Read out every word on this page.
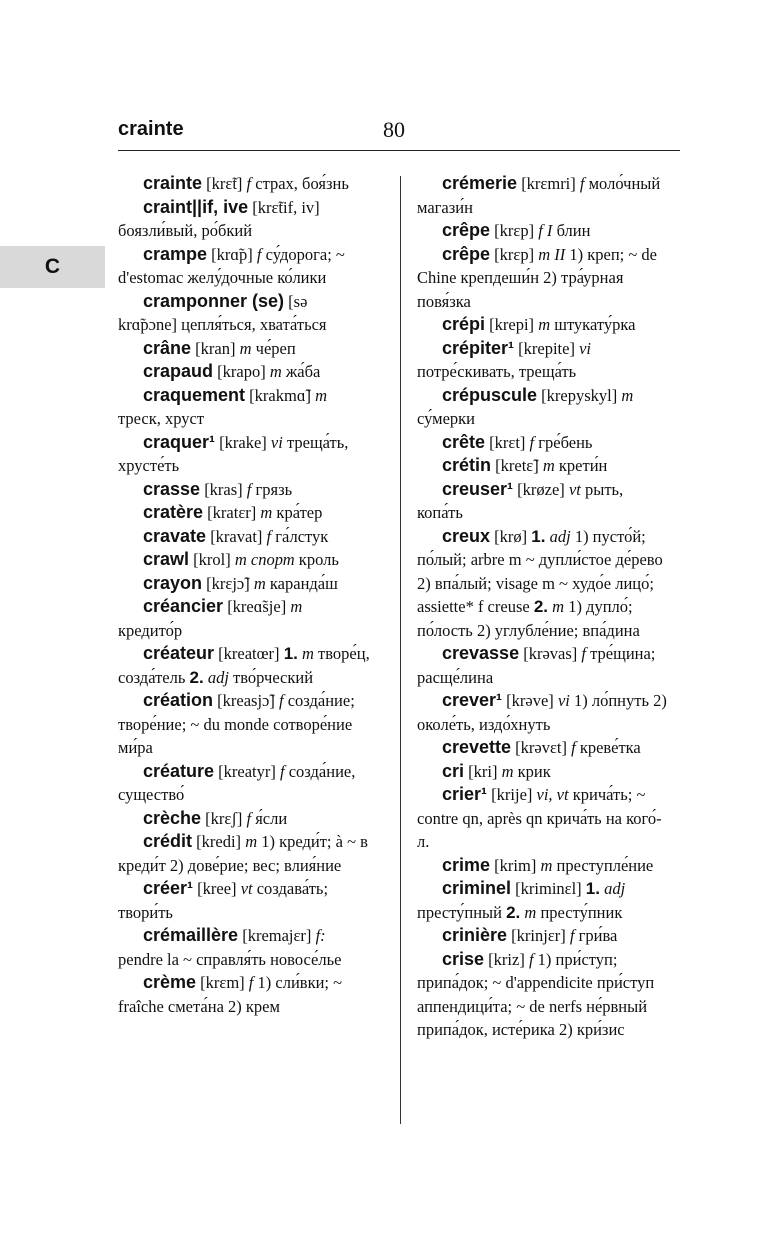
crainte	80
C

crainte [krɛ̃t] f страх, боя́знь

craint||if, ive [krɛ̃tif, iv] боязли́вый, ро́бкий

crampe [krɑ̃p] f су́дорога; ~ d'estomac желу́дочные ко́лики

cramponner (se) [sə krɑ̃pɔne] цепля́ться, хвата́ться

crâne [kran] m че́реп

crapaud [krapo] m жа́ба

craquement [krakmɑ̃] m треск, хруст

craquer¹ [krake] vi треща́ть, хрусте́ть

crasse [kras] f грязь

cratère [kratɛr] m кра́тер

cravate [kravat] f га́лстук

crawl [krol] m спорт кроль

crayon [krɛjɔ̃] m каранда́ш

créancier [kreɑ̃sje] m кредито́р

créateur [kreatœr] 1. m творе́ц, созда́тель 2. adj тво́рческий

création [kreasjɔ̃] f созда́ние; творе́ние; ~ du monde сотворе́ние ми́ра

créature [kreatyr] f созда́ние, существо́

crèche [krɛʃ] f я́сли

crédit [kredi] m 1) креди́т; à ~ в креди́т 2) дове́рие; вес; влия́ние

créer¹ [kree] vt создава́ть; твори́ть

crémaillère [kremajɛr] f: pendre la ~ справля́ть новосе́лье

crème [krɛm] f 1) сли́вки; ~ fraîche смета́на 2) крем

crémerie [krɛmri] f моло́чный магази́н

crêpe [krɛp] f I блин

crêpe [krɛp] m II 1) креп; ~ de Chine крепдеши́н 2) тра́урная повя́зка

crépi [krepi] m штукату́рка

crépiter¹ [krepite] vi потре́скивать, треща́ть

crépuscule [krepyskyl] m су́мерки

crête [krɛt] f гре́бень

crétin [kretɛ̃] m крети́н

creuser¹ [krøze] vt рыть, копа́ть

creux [krø] 1. adj 1) пусто́й; по́лый; arbre m ~ дупли́стое де́рево 2) впа́лый; visage m ~ худо́е лицо́; assiette* f creuse 2. m 1) дупло́; по́лость 2) углубле́ние; впа́дина

crevasse [krəvas] f тре́щина; расще́лина

crever¹ [krəve] vi 1) ло́пнуть 2) околе́ть, издо́хнуть

crevette [krəvɛt] f креве́тка

cri [kri] m крик

crier¹ [krije] vi, vt крича́ть; ~ contre qn, après qn крича́ть на кого́-л.

crime [krim] m преступле́ние

criminel [kriminɛl] 1. adj престу́пный 2. m престу́пник

crinière [krinjɛr] f гри́ва

crise [kriz] f 1) при́ступ; припа́док; ~ d'appendicite при́ступ аппендици́та; ~ de nerfs не́рвный припа́док, исте́рика 2) кри́зис
